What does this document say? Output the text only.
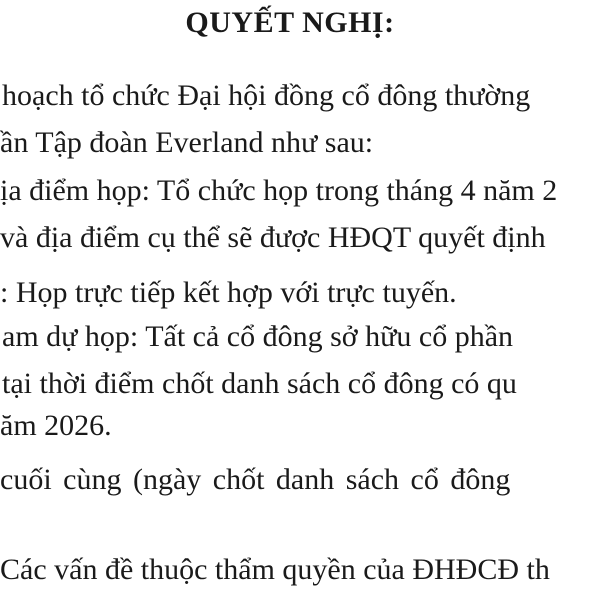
QUYẾT NGHỊ:
hoạch tổ chức Đại hội đồng cổ đông thường
ần Tập đoàn Everland như sau:
ịa điểm họp: Tổ chức họp trong tháng 4 năm 2
và địa điểm cụ thể sẽ được HĐQT quyết định
: Họp trực tiếp kết hợp với trực tuyến.
am dự họp: Tất cả cổ đông sở hữu cổ phần
tại thời điểm chốt danh sách cổ đông có qu
ăm 2026.
cuối cùng (ngày chốt danh sách cổ đông
Các vấn đề thuộc thẩm quyền của ĐHĐCĐ th
